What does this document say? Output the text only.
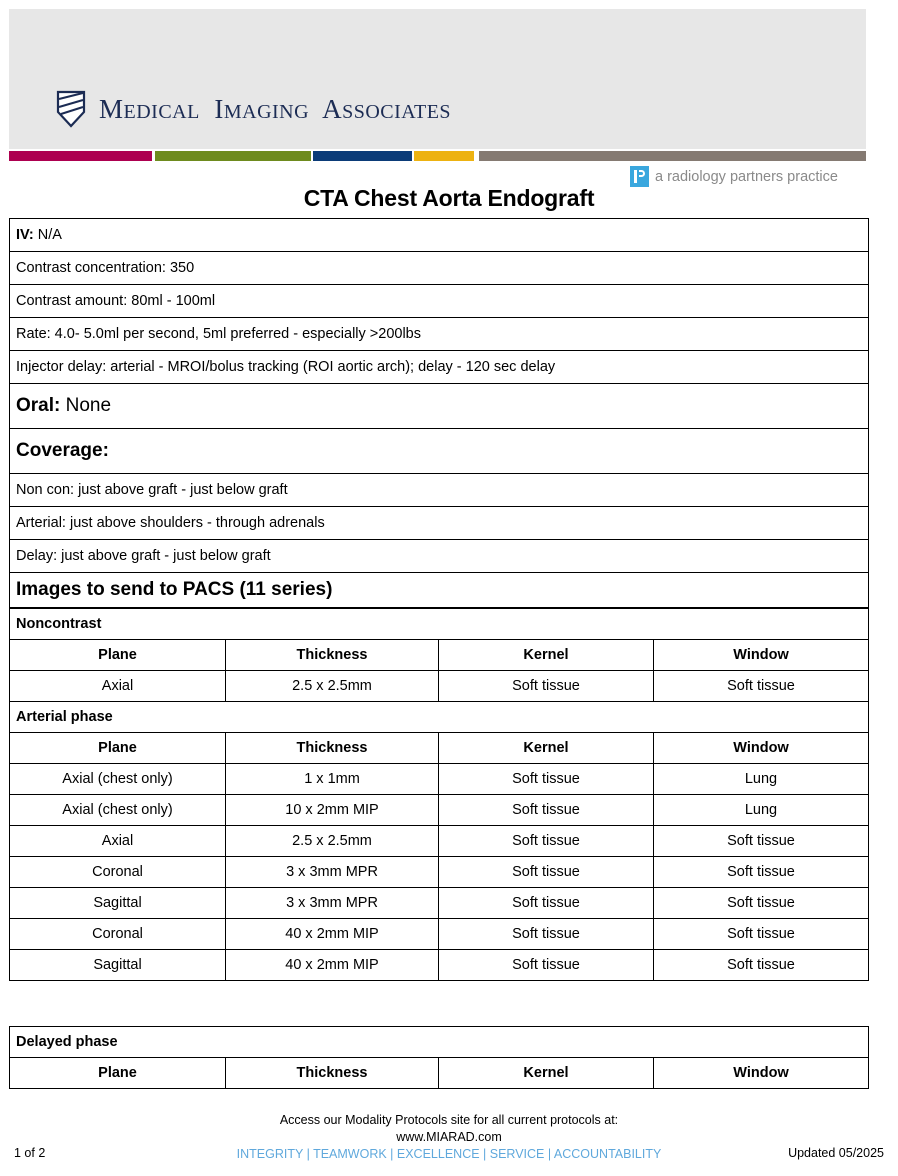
MEDICAL IMAGING ASSOCIATES
a radiology partners practice
CTA Chest Aorta Endograft
IV: N/A
Contrast concentration: 350
Contrast amount: 80ml - 100ml
Rate: 4.0- 5.0ml per second, 5ml preferred - especially >200lbs
Injector delay: arterial - MROI/bolus tracking (ROI aortic arch); delay - 120 sec delay
Oral: None
Coverage:
Non con: just above graft - just below graft
Arterial: just above shoulders - through adrenals
Delay: just above graft - just below graft
Images to send to PACS (11 series)
Noncontrast			
Plane	Thickness	Kernel	Window
Axial	2.5 x 2.5mm	Soft tissue	Soft tissue
Arterial phase			
Plane	Thickness	Kernel	Window
Axial (chest only)	1 x 1mm	Soft tissue	Lung
Axial (chest only)	10 x 2mm MIP	Soft tissue	Lung
Axial	2.5 x 2.5mm	Soft tissue	Soft tissue
Coronal	3 x 3mm MPR	Soft tissue	Soft tissue
Sagittal	3 x 3mm MPR	Soft tissue	Soft tissue
Coronal	40 x 2mm MIP	Soft tissue	Soft tissue
Sagittal	40 x 2mm MIP	Soft tissue	Soft tissue
Delayed phase
Plane	Thickness	Kernel	Window
Access our Modality Protocols site for all current protocols at:
www.MIARAD.com
INTEGRITY | TEAMWORK | EXCELLENCE | SERVICE | ACCOUNTABILITY
1 of 2	Updated 05/2025
